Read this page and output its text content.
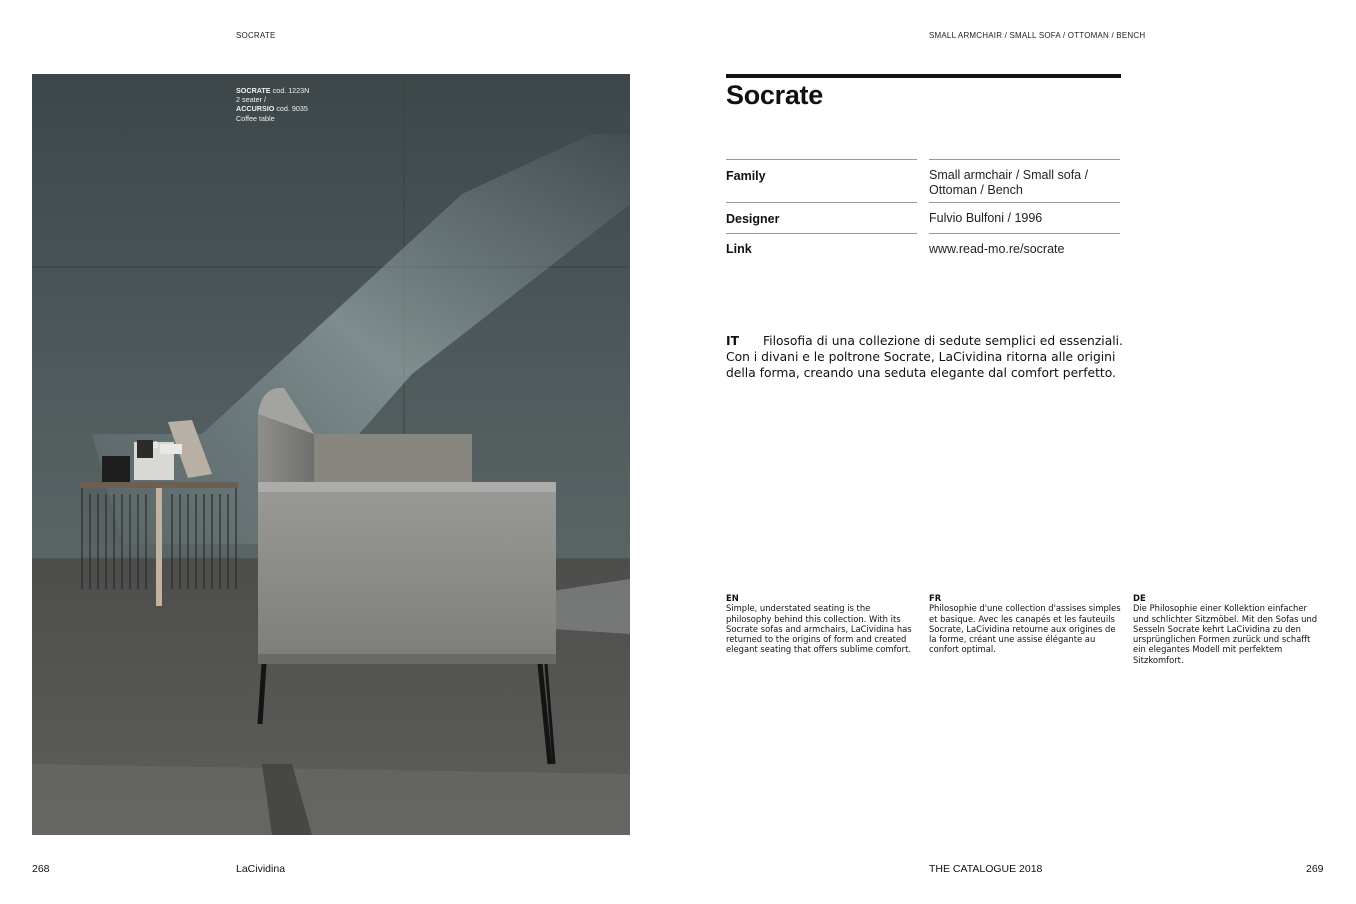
SOCRATE	SMALL ARMCHAIR / SMALL SOFA / OTTOMAN / BENCH
SOCRATE cod. 1223N
2 seater /
ACCURSIO cod. 9035
Coffee table
5
Socrate
Family	Small armchair / Small sofa / Ottoman / Bench
Designer	Fulvio Bulfoni / 1996
Link	www.read-mo.re/socrate
IT Filosofia di una collezione di sedute semplici ed essenziali. Con i divani e le poltrone Socrate, LaCividina ritorna alle origini della forma, creando una seduta elegante dal comfort perfetto.
EN
Simple, understated seating is the philosophy behind this collection. With its Socrate sofas and armchairs, LaCividina has returned to the origins of form and created elegant seating that offers sublime comfort.
FR
Philosophie d'une collection d'assises simples et basique. Avec les canapés et les fauteuils Socrate, LaCividina retourne aux origines de la forme, créant une assise élégante au confort optimal.
DE
Die Philosophie einer Kollektion einfacher und schlichter Sitzmöbel. Mit den Sofas und Sesseln Socrate kehrt LaCividina zu den ursprünglichen Formen zurück und schafft ein elegantes Modell mit perfektem Sitzkomfort.
268	LaCividina	THE CATALOGUE 2018	269
